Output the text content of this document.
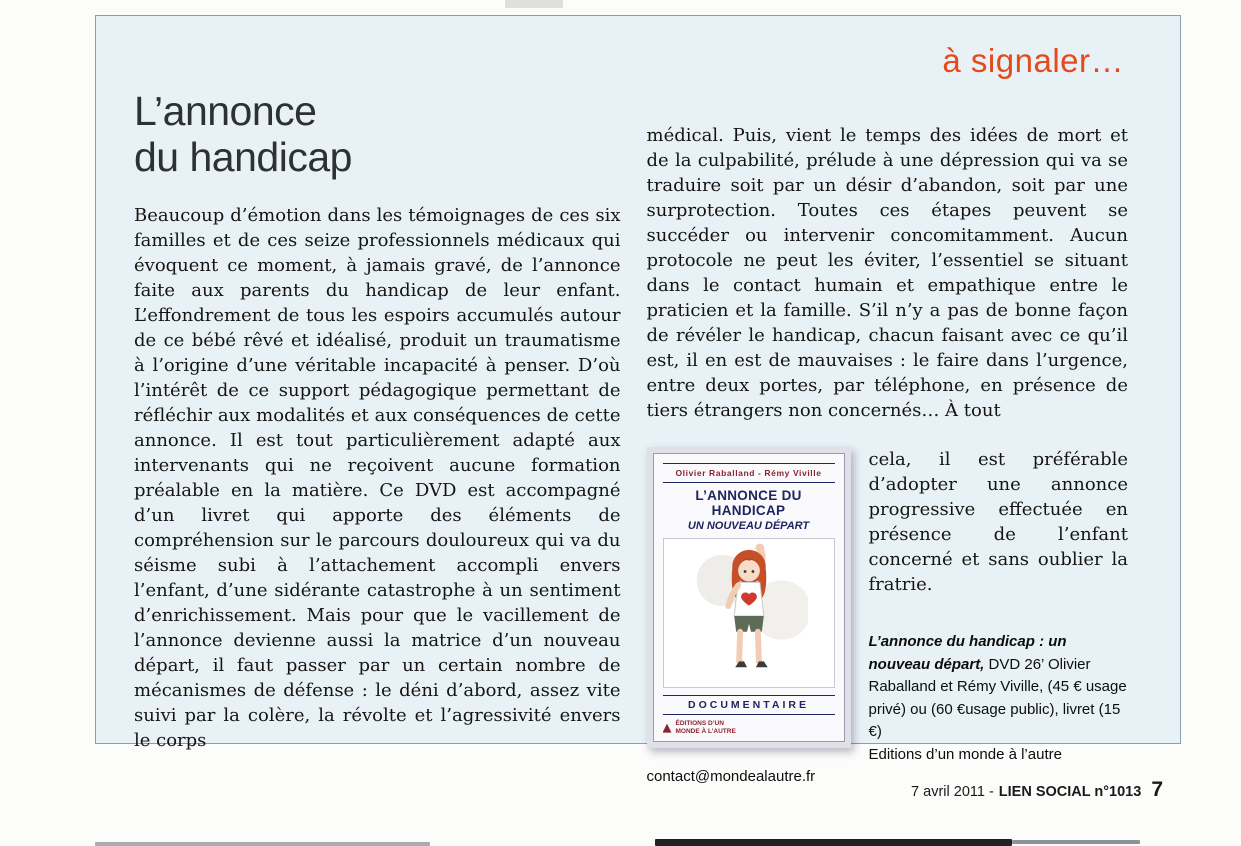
à signaler…
L’annonce
du handicap

Beaucoup d’émotion dans les témoignages de ces six familles et de ces seize professionnels médicaux qui évoquent ce moment, à jamais gravé, de l’annonce faite aux parents du handicap de leur enfant. L’effondrement de tous les espoirs accumulés autour de ce bébé rêvé et idéalisé, produit un traumatisme à l’origine d’une véritable incapacité à penser. D’où l’intérêt de ce support pédagogique permettant de réfléchir aux modalités et aux conséquences de cette annonce. Il est tout particulièrement adapté aux intervenants qui ne reçoivent aucune formation préalable en la matière. Ce DVD est accompagné d’un livret qui apporte des éléments de compréhension sur le parcours douloureux qui va du séisme subi à l’attachement accompli envers l’enfant, d’une sidérante catastrophe à un sentiment d’enrichissement. Mais pour que le vacillement de l’annonce devienne aussi la matrice d’un nouveau départ, il faut passer par un certain nombre de mécanismes de défense : le déni d’abord, assez vite suivi par la colère, la révolte et l’agressivité envers le corps

médical. Puis, vient le temps des idées de mort et de la culpabilité, prélude à une dépression qui va se traduire soit par un désir d’abandon, soit par une surprotection. Toutes ces étapes peuvent se succéder ou intervenir concomitamment. Aucun protocole ne peut les éviter, l’essentiel se situant dans le contact humain et empathique entre le praticien et la famille. S’il n’y a pas de bonne façon de révéler le handicap, chacun faisant avec ce qu’il est, il en est de mauvaises : le faire dans l’urgence, entre deux portes, par téléphone, en présence de tiers étrangers non concernés… À tout

Olivier Raballand - Rémy Viville
L’ANNONCE DU HANDICAP
UN NOUVEAU DÉPART
DOCUMENTAIRE
ÉDITIONS D’UN MONDE À L’AUTRE

cela, il est préférable d’adopter une annonce progressive effectuée en présence de l’enfant concerné et sans oublier la fratrie.

L’annonce du handicap : un nouveau départ, DVD 26’ Olivier Raballand et Rémy Viville, (45 € usage privé) ou (60 €usage public), livret (15 €)

Editions d’un monde à l’autre
contact@mondealautre.fr
7 avril 2011 - LIEN SOCIAL n°1013 7
